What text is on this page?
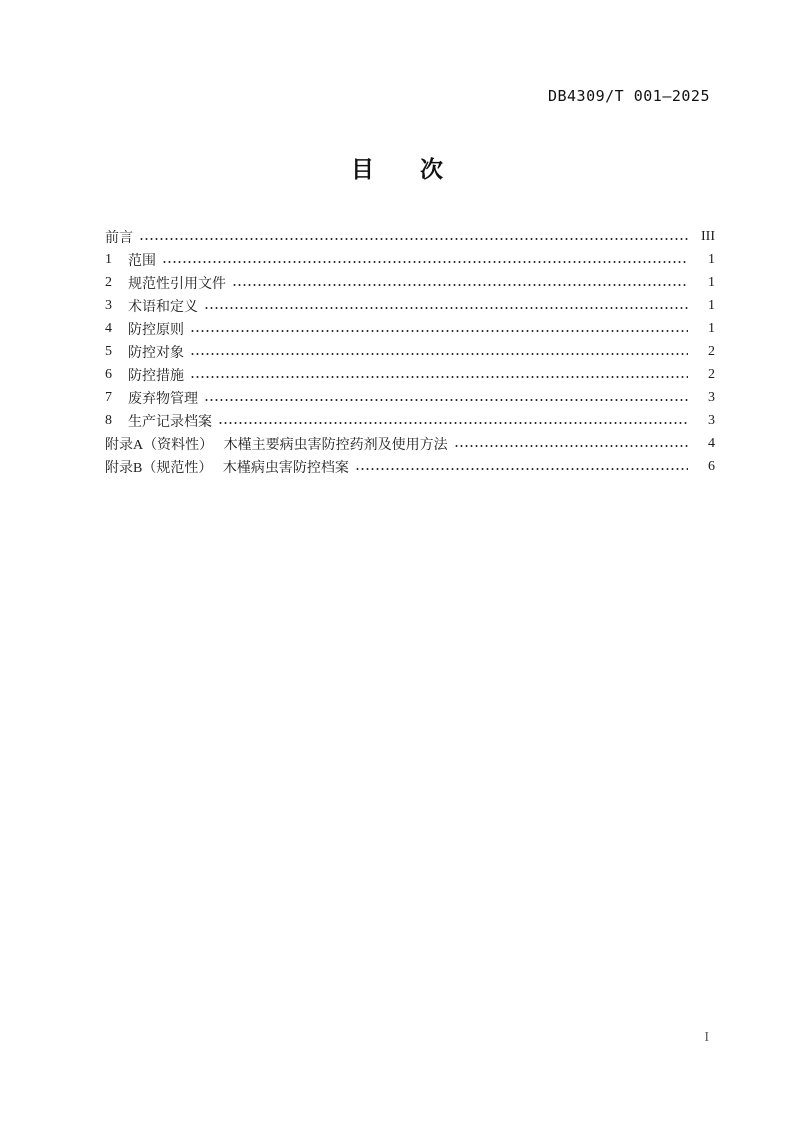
DB4309/T 001—2025
目　　次
前言	III
1	范围	1
2	规范性引用文件	1
3	术语和定义	1
4	防控原则	1
5	防控对象	2
6	防控措施	2
7	废弃物管理	3
8	生产记录档案	3
附录A（资料性）　 木槿主要病虫害防控药剂及使用方法	4
附录B（规范性）　 木槿病虫害防控档案	6
I
